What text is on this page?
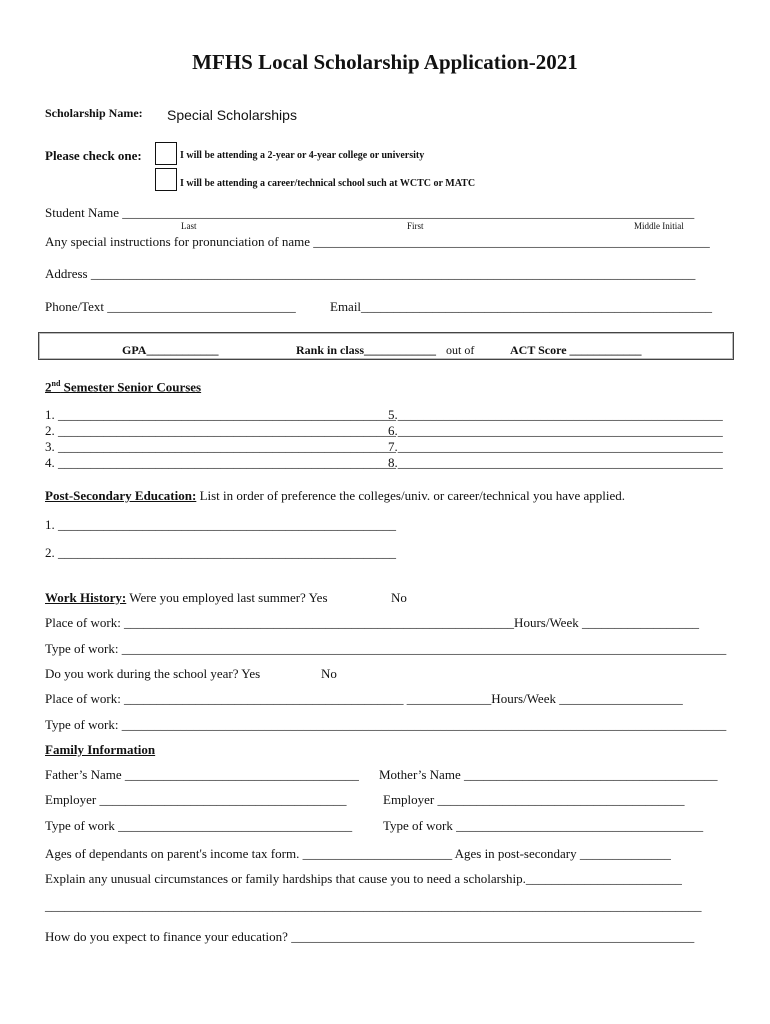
MFHS Local Scholarship Application-2021
Scholarship Name: Special Scholarships
Please check one:	I will be attending a 2-year or 4-year college or university
I will be attending a career/technical school such at WCTC or MATC
Student Name ________________________________________________________________________________________
Last	First	Middle Initial
Any special instructions for pronunciation of name _____________________________________________________________
Address _____________________________________________________________________________________________
Phone/Text _____________________________	Email______________________________________________________
GPA____________	Rank in class____________ out of	ACT Score ____________
2nd Semester Senior Courses
1. ____________________________________________________
2. ____________________________________________________
3. ____________________________________________________
4. ____________________________________________________
5.__________________________________________________
6.__________________________________________________
7.__________________________________________________
8.__________________________________________________
Post-Secondary Education: List in order of preference the colleges/univ. or career/technical you have applied.
1. ____________________________________________________
2. ____________________________________________________
Work History: Were you employed last summer? Yes	No
Place of work: ____________________________________________________________Hours/Week __________________
Type of work: _____________________________________________________________________________________________
Do you work during the school year? Yes	No
Place of work: ___________________________________________ _____________Hours/Week ___________________
Type of work: _____________________________________________________________________________________________
Family Information
Father’s Name ____________________________________ Mother’s Name _______________________________________
Employer ______________________________________	Employer ______________________________________
Type of work ____________________________________ Type of work ______________________________________
Ages of dependants on parent's income tax form. _______________________ Ages in post-secondary ______________
Explain any unusual circumstances or family hardships that cause you to need a scholarship.________________________
_____________________________________________________________________________________________________
How do you expect to finance your education? ______________________________________________________________
